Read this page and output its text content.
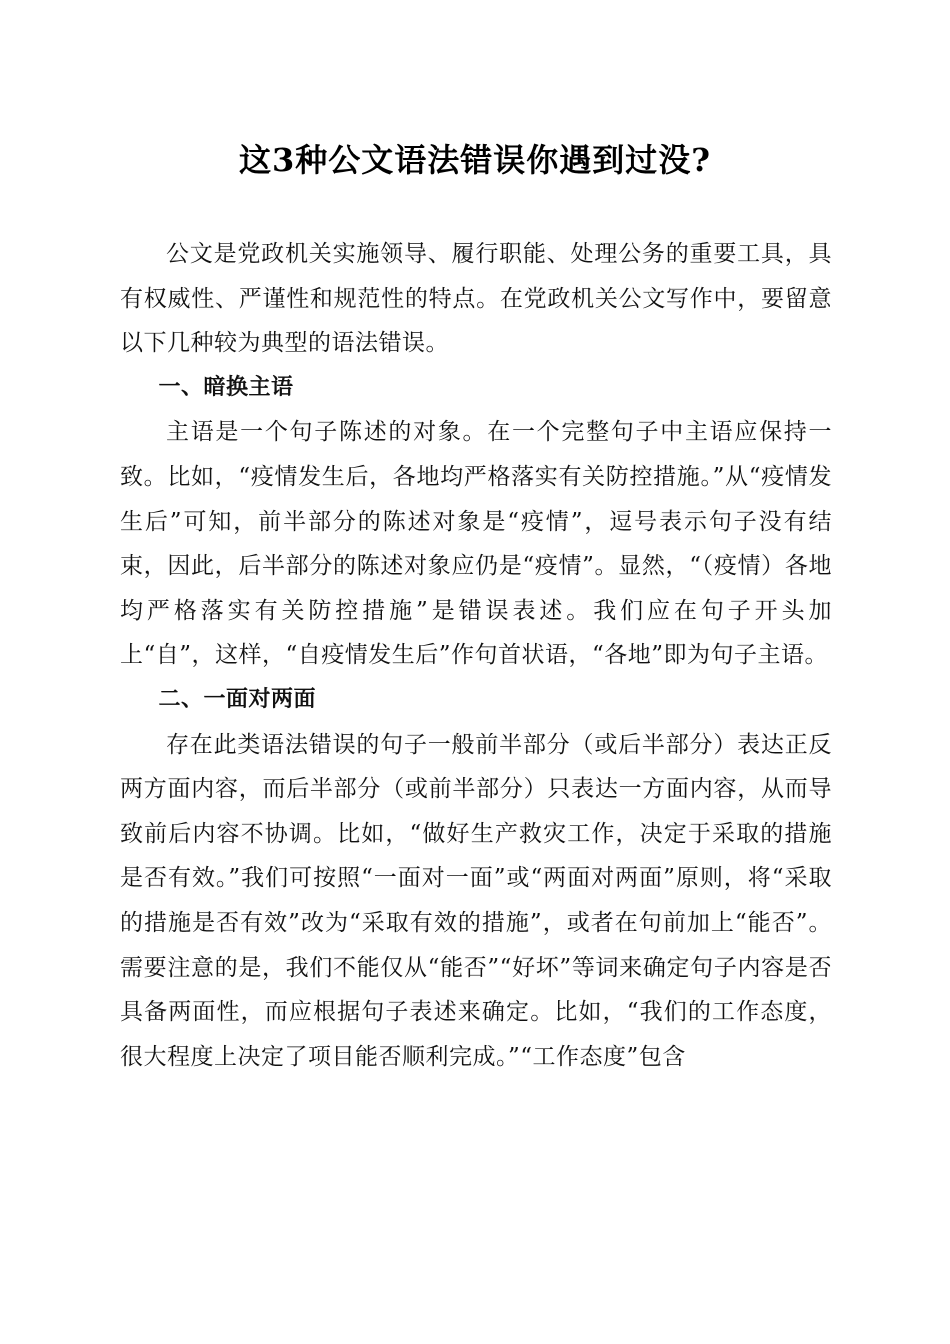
这3种公文语法错误你遇到过没?

公文是党政机关实施领导、履行职能、处理公务的重要工具，具有权威性、严谨性和规范性的特点。在党政机关公文写作中，要留意以下几种较为典型的语法错误。

一、暗换主语

主语是一个句子陈述的对象。在一个完整句子中主语应保持一致。比如，“疫情发生后，各地均严格落实有关防控措施。”从“疫情发生后”可知，前半部分的陈述对象是“疫情”，逗号表示句子没有结束，因此，后半部分的陈述对象应仍是“疫情”。显然，“（疫情）各地均严格落实有关防控措施”是错误表述。我们应在句子开头加上“自”，这样，“自疫情发生后”作句首状语，“各地”即为句子主语。

二、一面对两面

存在此类语法错误的句子一般前半部分（或后半部分）表达正反两方面内容，而后半部分（或前半部分）只表达一方面内容，从而导致前后内容不协调。比如，“做好生产救灾工作，决定于采取的措施是否有效。”我们可按照“一面对一面”或“两面对两面”原则，将“采取的措施是否有效”改为“采取有效的措施”，或者在句前加上“能否”。需要注意的是，我们不能仅从“能否”“好坏”等词来确定句子内容是否具备两面性，而应根据句子表述来确定。比如，“我们的工作态度，很大程度上决定了项目能否顺利完成。”“工作态度”包含
